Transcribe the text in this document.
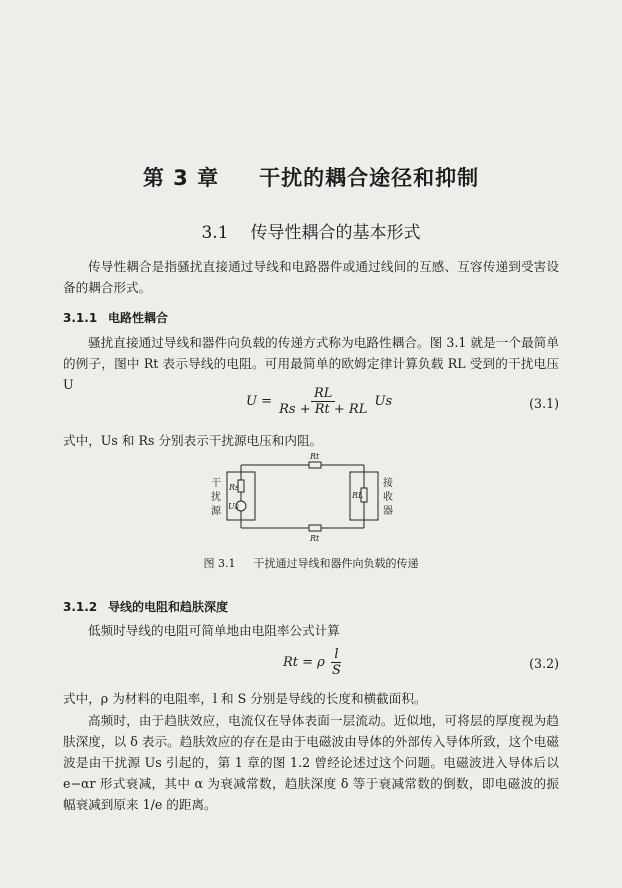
第 3 章 干扰的耦合途径和抑制
3.1 传导性耦合的基本形式
传导性耦合是指骚扰直接通过导线和电路器件或通过线间的互感、互容传递到受害设备的耦合形式。
3.1.1 电路性耦合
骚扰直接通过导线和器件向负载的传递方式称为电路性耦合。图 3.1 就是一个最简单的例子，图中 Rt 表示导线的电阻。可用最简单的欧姆定律计算负载 RL 受到的干扰电压 U
$U = \frac{RL}{Rs + Rt + RL}$ Us	(3.1)
式中，Us 和 Rs 分别表示干扰源电压和内阻。
Rt
Rt
Rs
Us
RL
干
扰
源
接
收
器
图 3.1 干扰通过导线和器件向负载的传递
3.1.2 导线的电阻和趋肤深度
低频时导线的电阻可简单地由电阻率公式计算
Rt = ρ $\frac{l}{S}$	(3.2)
式中，ρ 为材料的电阻率，l 和 S 分别是导线的长度和横截面积。
高频时，由于趋肤效应，电流仅在导体表面一层流动。近似地，可将层的厚度视为趋肤深度，以 δ 表示。趋肤效应的存在是由于电磁波由导体的外部传入导体所致，这个电磁波是由干扰源 Us 引起的，第 1 章的图 1.2 曾经论述过这个问题。电磁波进入导体后以 e−αr 形式衰减，其中 α 为衰减常数，趋肤深度 δ 等于衰减常数的倒数，即电磁波的振幅衰减到原来 1/e 的距离。
